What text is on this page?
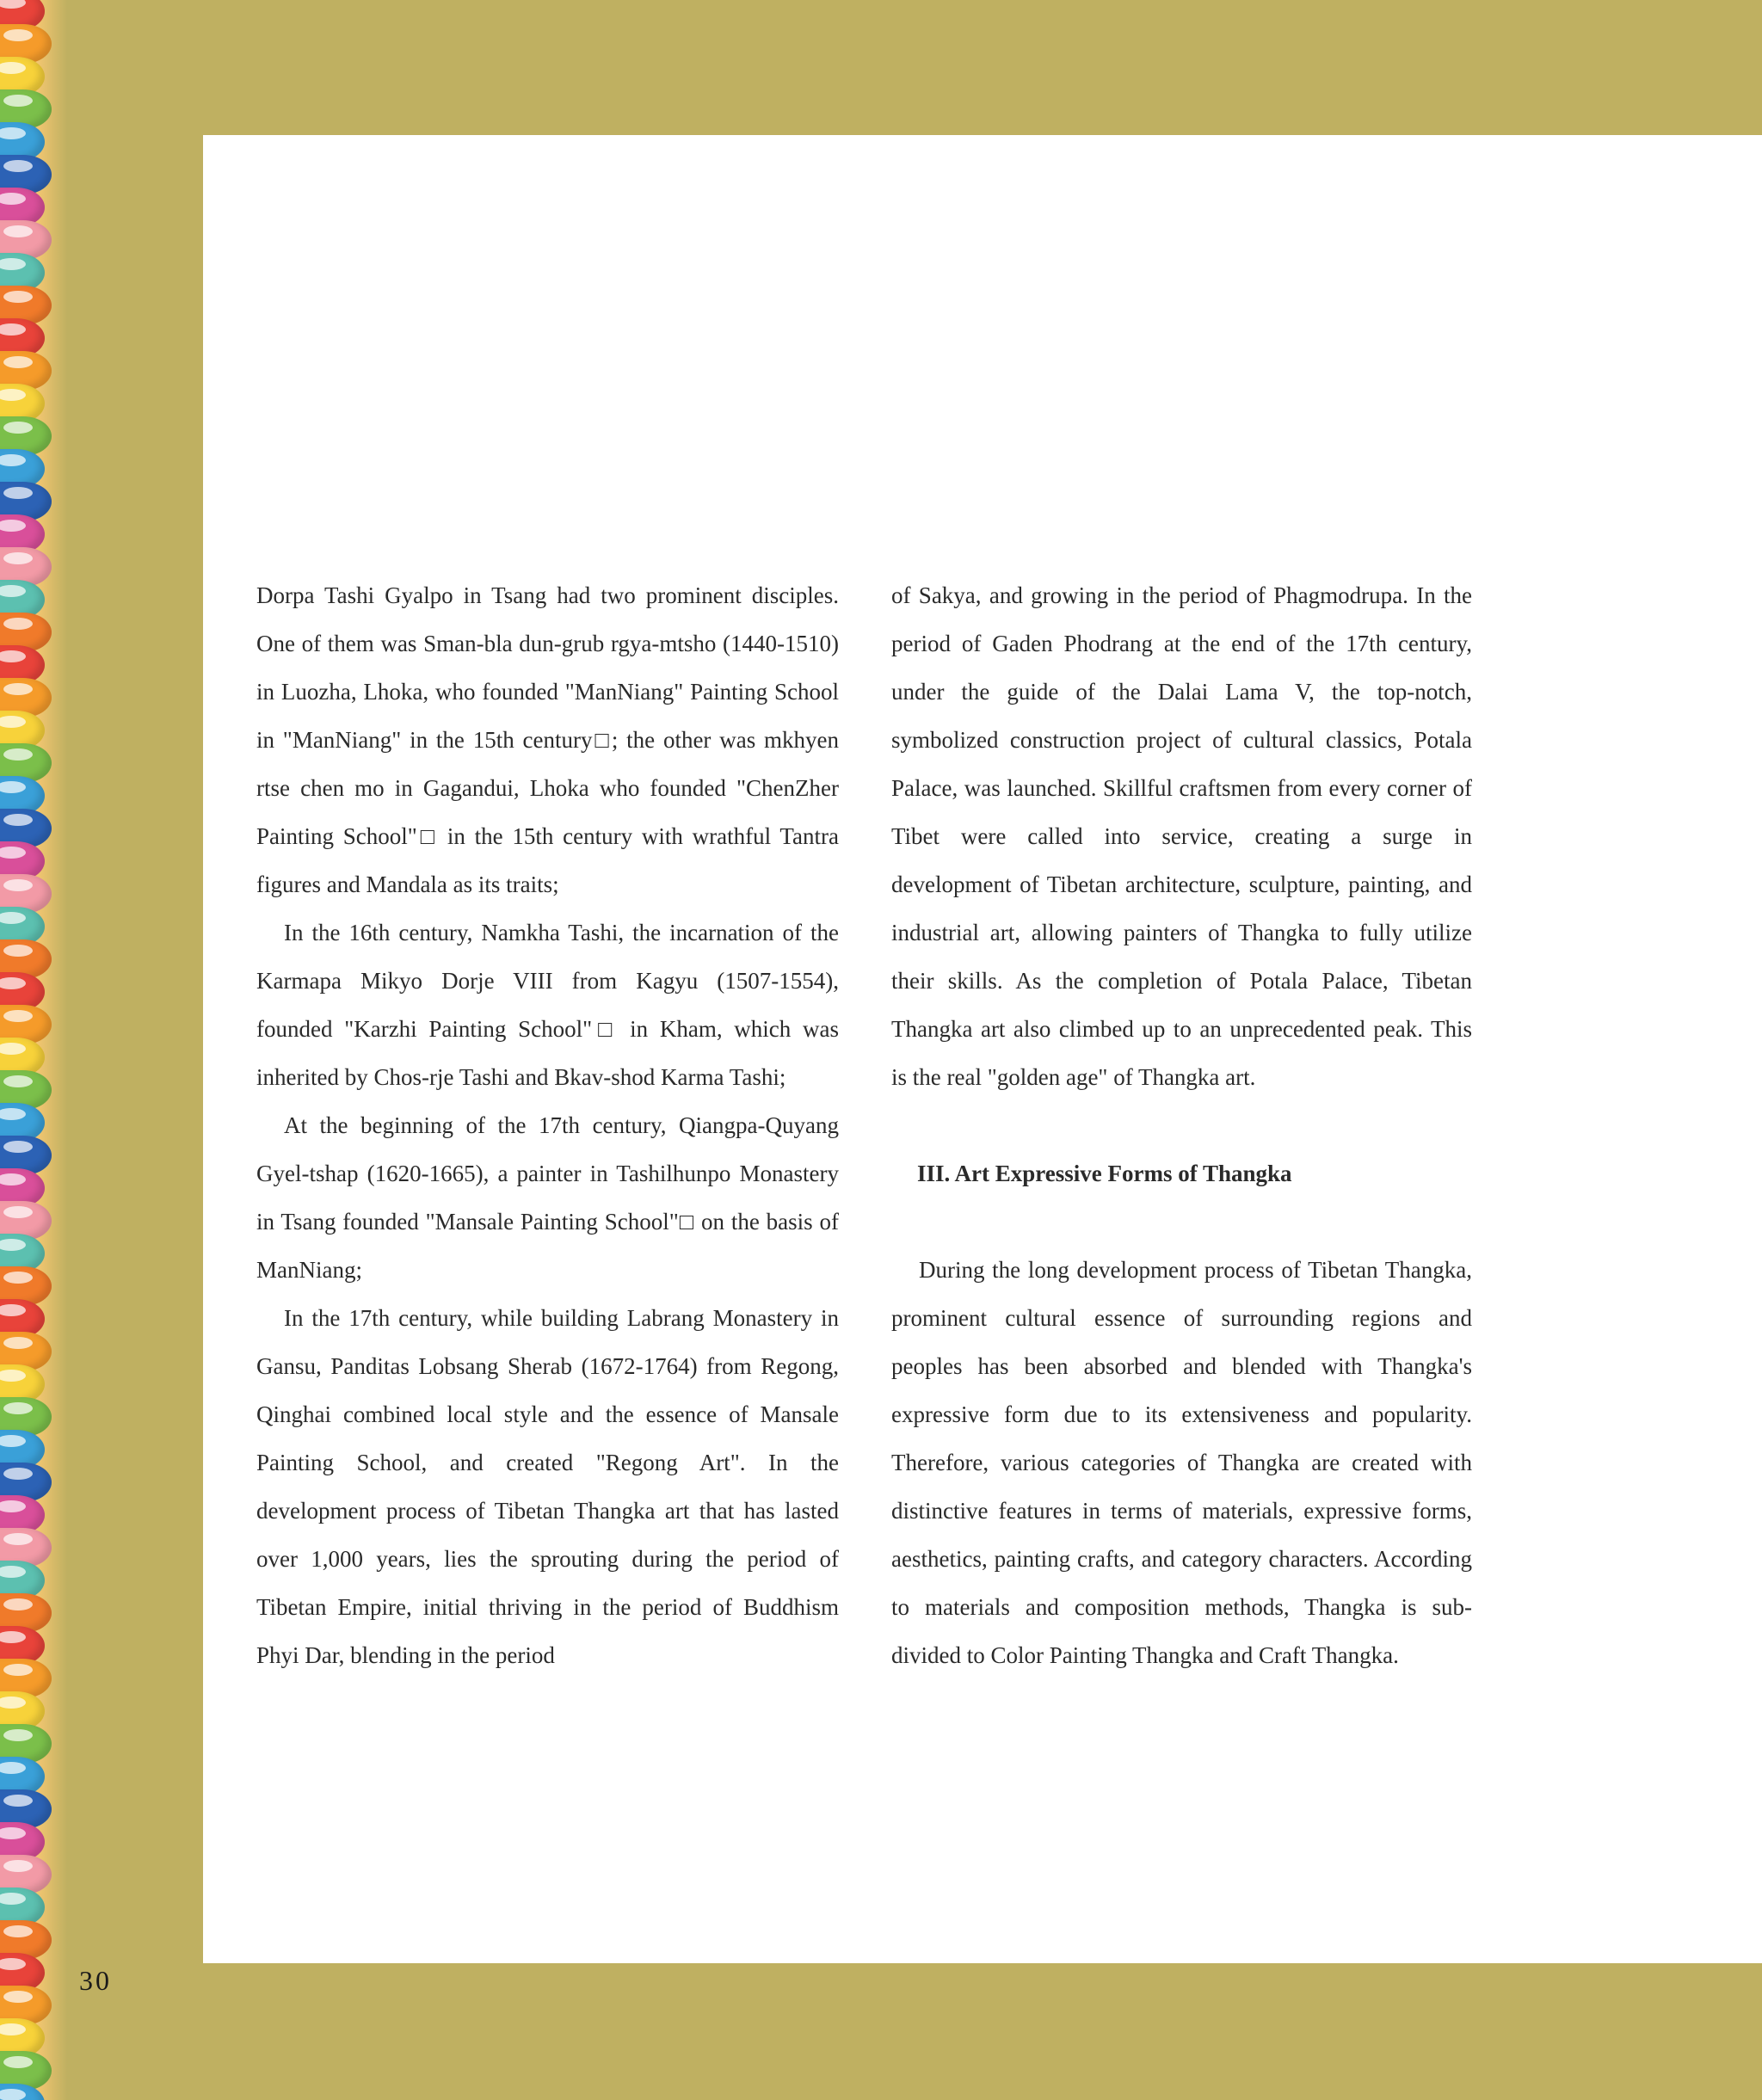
Dorpa Tashi Gyalpo in Tsang had two prominent disciples. One of them was Sman-bla dun-grub rgya-mtsho (1440-1510) in Luozha, Lhoka, who founded "ManNiang" Painting School in "ManNiang" in the 15th century□; the other was mkhyen rtse chen mo in Gagandui, Lhoka who founded "ChenZher Painting School"□ in the 15th century with wrathful Tantra figures and Mandala as its traits;

In the 16th century, Namkha Tashi, the incarnation of the Karmapa Mikyo Dorje VIII from Kagyu (1507-1554), founded "Karzhi Painting School"□ in Kham, which was inherited by Chos-rje Tashi and Bkav-shod Karma Tashi;

At the beginning of the 17th century, Qiangpa-Quyang Gyel-tshap (1620-1665), a painter in Tashilhunpo Monastery in Tsang founded "Mansale Painting School"□ on the basis of ManNiang;

In the 17th century, while building Labrang Monastery in Gansu, Panditas Lobsang Sherab (1672-1764) from Regong, Qinghai combined local style and the essence of Mansale Painting School, and created "Regong Art". In the development process of Tibetan Thangka art that has lasted over 1,000 years, lies the sprouting during the period of Tibetan Empire, initial thriving in the period of Buddhism Phyi Dar, blending in the period

of Sakya, and growing in the period of Phagmodrupa. In the period of Gaden Phodrang at the end of the 17th century, under the guide of the Dalai Lama V, the top-notch, symbolized construction project of cultural classics, Potala Palace, was launched. Skillful craftsmen from every corner of Tibet were called into service, creating a surge in development of Tibetan architecture, sculpture, painting, and industrial art, allowing painters of Thangka to fully utilize their skills. As the completion of Potala Palace, Tibetan Thangka art also climbed up to an unprecedented peak. This is the real "golden age" of Thangka art.

III. Art Expressive Forms of Thangka

During the long development process of Tibetan Thangka, prominent cultural essence of surrounding regions and peoples has been absorbed and blended with Thangka's expressive form due to its extensiveness and popularity. Therefore, various categories of Thangka are created with distinctive features in terms of materials, expressive forms, aesthetics, painting crafts, and category characters. According to materials and composition methods, Thangka is sub-divided to Color Painting Thangka and Craft Thangka.

30
